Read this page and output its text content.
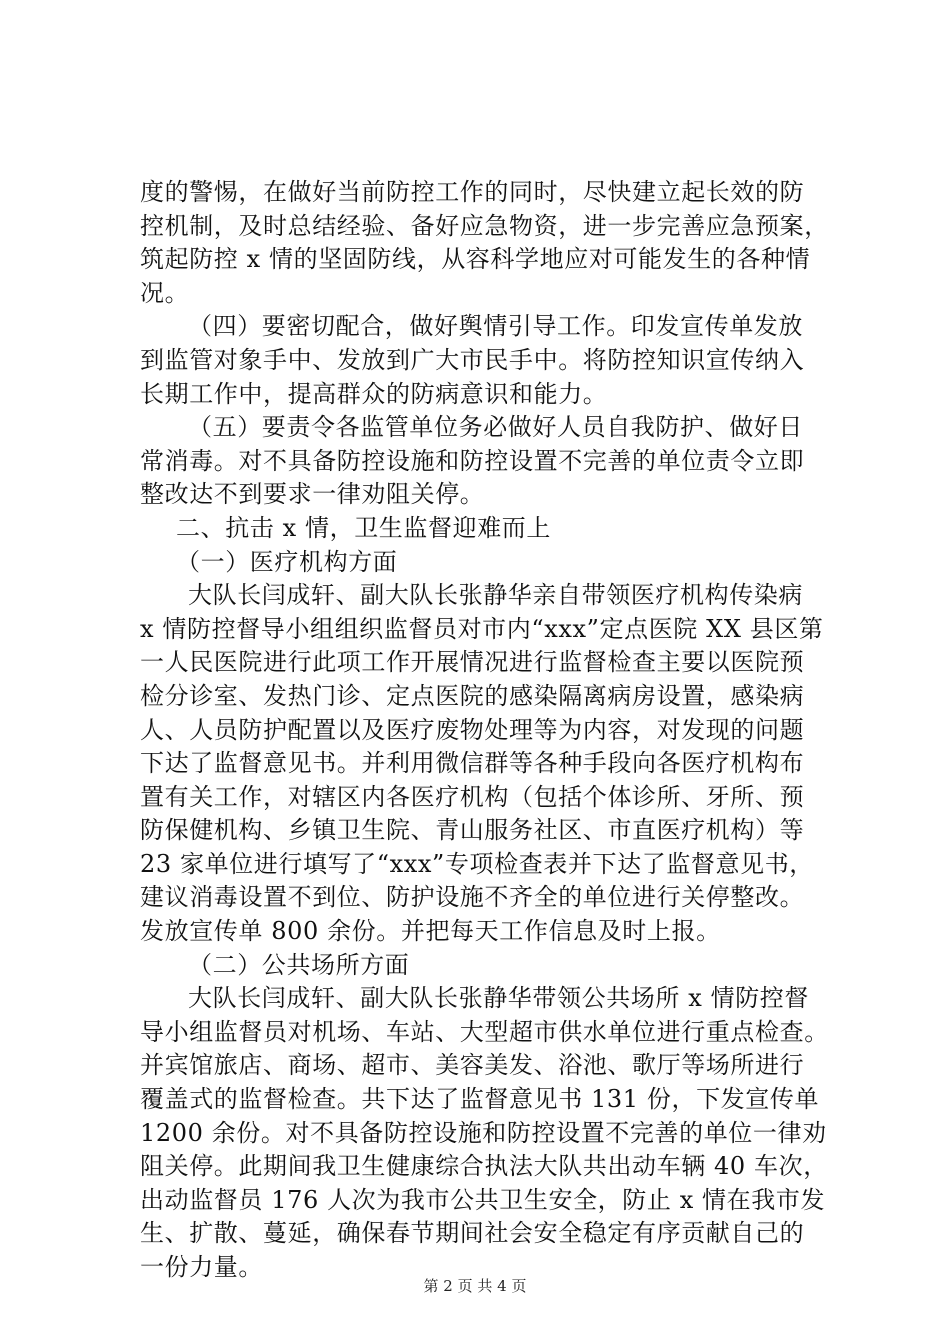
度的警惕，在做好当前防控工作的同时，尽快建立起长效的防
控机制，及时总结经验、备好应急物资，进一步完善应急预案，
筑起防控 x 情的坚固防线，从容科学地应对可能发生的各种情
况。
（四）要密切配合，做好舆情引导工作。印发宣传单发放
到监管对象手中、发放到广大市民手中。将防控知识宣传纳入
长期工作中，提高群众的防病意识和能力。
（五）要责令各监管单位务必做好人员自我防护、做好日
常消毒。对不具备防控设施和防控设置不完善的单位责令立即
整改达不到要求一律劝阻关停。
二、抗击 x 情，卫生监督迎难而上
（一）医疗机构方面
大队长闫成轩、副大队长张静华亲自带领医疗机构传染病
x 情防控督导小组组织监督员对市内“xxx”定点医院 XX 县区第
一人民医院进行此项工作开展情况进行监督检查主要以医院预
检分诊室、发热门诊、定点医院的感染隔离病房设置，感染病
人、人员防护配置以及医疗废物处理等为内容，对发现的问题
下达了监督意见书。并利用微信群等各种手段向各医疗机构布
置有关工作，对辖区内各医疗机构（包括个体诊所、牙所、预
防保健机构、乡镇卫生院、青山服务社区、市直医疗机构）等
23 家单位进行填写了“xxx”专项检查表并下达了监督意见书，
建议消毒设置不到位、防护设施不齐全的单位进行关停整改。
发放宣传单 800 余份。并把每天工作信息及时上报。
（二）公共场所方面
大队长闫成轩、副大队长张静华带领公共场所 x 情防控督
导小组监督员对机场、车站、大型超市供水单位进行重点检查。
并宾馆旅店、商场、超市、美容美发、浴池、歌厅等场所进行
覆盖式的监督检查。共下达了监督意见书 131 份，下发宣传单
1200 余份。对不具备防控设施和防控设置不完善的单位一律劝
阻关停。此期间我卫生健康综合执法大队共出动车辆 40 车次，
出动监督员 176 人次为我市公共卫生安全，防止 x 情在我市发
生、扩散、蔓延，确保春节期间社会安全稳定有序贡献自己的
一份力量。
第 2 页 共 4 页
